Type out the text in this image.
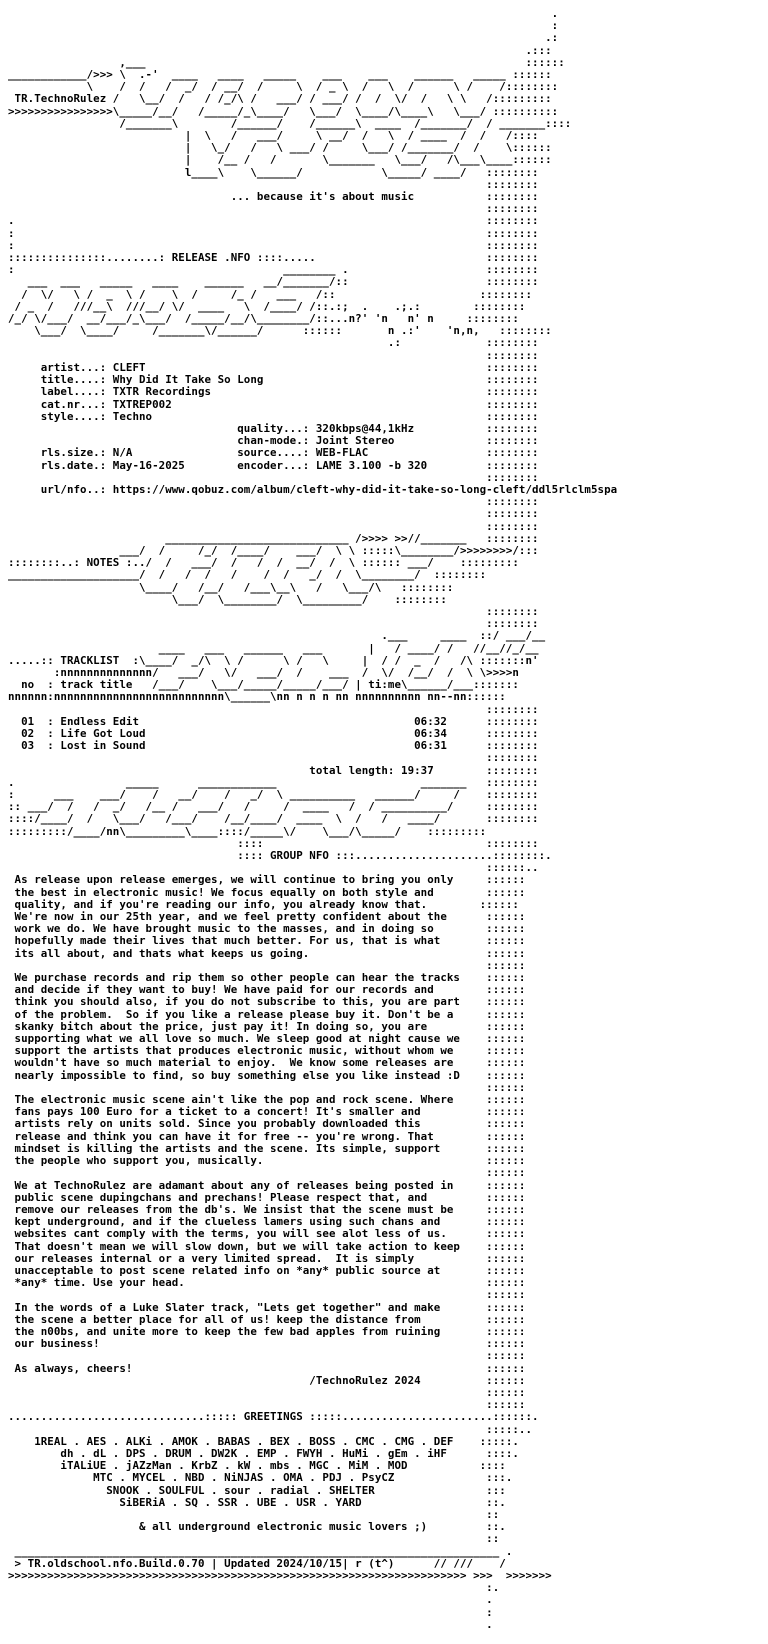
.
:
.:
.:::
,___                                                          ::::::
____________/>>> \  .-'  ____   ____   _____    ___    ___    ______   _____ ::::::
\    /  /   /  _/  / __/  /     \  / _ \  /   \  /      \ /    /::::::::
TR.TechnoRulez /   \__/  /   / /_/\ /   ___/ / ___/ /  /  \/  /   \ \   /:::::::::
>>>>>>>>>>>>>>>>\_____/__/   /_____/_\____/   \___/  \____/\____\   \___/ ::::::::::
/_______\        /______/    /______\  ____  /_______/  / _______::::
|  \   /   ___/     \ __/  /   \  / ____  /  /   /::::
|   \_/   /   \ ___/ /     \___/ /_______/  /    \::::::
|    /__ /   /       \_______   \___/   /\___\____::::::
l____\    \______/            \_____/ ____/   ::::::::
::::::::
... because it's about music           ::::::::
::::::::
.                                                                        ::::::::
:                                                                        ::::::::
:                                                                        ::::::::
:::::::::::::::........: RELEASE .NFO ::::.....                          ::::::::
:                                         ________ .                     ::::::::
___  ___   _____   ____    ______   __/_______/::                     ::::::::
/  \/   \ /  _  \ /    \  /     /_ /   ___   /::                      ::::::::
/ _  /   ///__\  ///__/ \/  ____   \  /____/ /::.:;  .    .;.:        ::::::::
/_/ \/___/  __/___/_\___/  /_____/__/\________/::...n?' 'n   n' n     ::::::::
\___/  \____/     /_______\/______/      ::::::       n .:'    'n,n,   ::::::::
.:             ::::::::
::::::::
artist...: CLEFT                                                    ::::::::
title....: Why Did It Take So Long                                  ::::::::
label....: TXTR Recordings                                          ::::::::
cat.nr...: TXTREP002                                                ::::::::
style....: Techno                                                   ::::::::
quality...: 320kbps@44,1kHz           ::::::::
chan-mode.: Joint Stereo              ::::::::
rls.size.: N/A                source....: WEB-FLAC                  ::::::::
rls.date.: May-16-2025        encoder...: LAME 3.100 -b 320         ::::::::
::::::::
url/nfo..: https://www.qobuz.com/album/cleft-why-did-it-take-so-long-cleft/ddl5rlclm5spa
::::::::
::::::::
::::::::
____________________________ />>>> >>//_______   ::::::::
___/  /     /_/  /____/    ___/  \ \ :::::\________/>>>>>>>>/:::
::::::::..: NOTES :../  /   ___/  /   /  /  __/  /  \ :::::: ___/    :::::::::
____________________/  /   /  /   /    /  /   _/  /  \________/  ::::::::
\____/   /__/   /___\__\   /   \___/\   ::::::::
\___/  \________/  \_________/    ::::::::
::::::::
::::::::
.___     ____  ::/ ___/__
____   ___   ______   ___       |   / ____/ /   //__//_/__
.....:: TRACKLIST  :\____/  _/\  \ /      \ /   \     |  / /  _  /   /\ :::::::n'
:nnnnnnnnnnnnnn/   ___/   \/   ___/  /    ___  /  \/  /__/  /  \ \>>>>n
no  : track title   /___/    \___/_____/_____/___/ | ti:me\______/___:::::::
nnnnnn:nnnnnnnnnnnnnnnnnnnnnnnnnn\______\nn n n n nn nnnnnnnnnn nn--nn::::::
::::::::
01  : Endless Edit                                          06:32      ::::::::
02  : Life Got Loud                                         06:34      ::::::::
03  : Lost in Sound                                         06:31      ::::::::
::::::::
total length: 19:37        ::::::::
.                 _____      ____________                      _______   ::::::::
:      ___    ___/    /   __/    /   _/  \ __________   ______/     /    ::::::::
:: ___/  /   /  _/   /__ /   ___/   /     /  ____   /  / __________/     ::::::::
::::/____/  /   \___/   /___/    /__/____/  ____  \  /   /   ____/       ::::::::
:::::::::/____/nn\_________\____::::/_____\/    \___/\_____/    :::::::::
::::                                  ::::::::
:::: GROUP NFO :::.....................::::::::.
::::::..
As release upon release emerges, we will continue to bring you only     ::::::
the best in electronic music! We focus equally on both style and        ::::::
quality, and if you're reading our info, you already know that.        ::::::
We're now in our 25th year, and we feel pretty confident about the      ::::::
work we do. We have brought music to the masses, and in doing so        ::::::
hopefully made their lives that much better. For us, that is what       ::::::
its all about, and thats what keeps us going.                           ::::::
::::::
We purchase records and rip them so other people can hear the tracks    ::::::
and decide if they want to buy! We have paid for our records and        ::::::
think you should also, if you do not subscribe to this, you are part    ::::::
of the problem.  So if you like a release please buy it. Don't be a     ::::::
skanky bitch about the price, just pay it! In doing so, you are         ::::::
supporting what we all love so much. We sleep good at night cause we    ::::::
support the artists that produces electronic music, without whom we     ::::::
wouldn't have so much material to enjoy.  We know some releases are     ::::::
nearly impossible to find, so buy something else you like instead :D    ::::::
::::::
The electronic music scene ain't like the pop and rock scene. Where     ::::::
fans pays 100 Euro for a ticket to a concert! It's smaller and          ::::::
artists rely on units sold. Since you probably downloaded this          ::::::
release and think you can have it for free -- you're wrong. That        ::::::
mindset is killing the artists and the scene. Its simple, support       ::::::
the people who support you, musically.                                  ::::::
::::::
We at TechnoRulez are adamant about any of releases being posted in     ::::::
public scene dupingchans and prechans! Please respect that, and         ::::::
remove our releases from the db's. We insist that the scene must be     ::::::
kept underground, and if the clueless lamers using such chans and       ::::::
websites cant comply with the terms, you will see alot less of us.      ::::::
That doesn't mean we will slow down, but we will take action to keep    ::::::
our releases internal or a very limited spread.  It is simply           ::::::
unacceptable to post scene related info on *any* public source at       ::::::
*any* time. Use your head.                                              ::::::
::::::
In the words of a Luke Slater track, "Lets get together" and make       ::::::
the scene a better place for all of us! keep the distance from          ::::::
the n00bs, and unite more to keep the few bad apples from ruining       ::::::
our business!                                                           ::::::
::::::
As always, cheers!                                                      ::::::
/TechnoRulez 2024          ::::::
::::::
::::::
..............................::::: GREETINGS :::::.......................::::::.
:::::..
1REAL . AES . ALKi . AMOK . BABAS . BEX . BOSS . CMC . CMG . DEF    :::::.
dh . dL . DPS . DRUM . DW2K . EMP . FWYH . HuMi . gEm . iHF      ::::.
iTALiUE . jAZzMan . KrbZ . kW . mbs . MGC . MiM . MOD           ::::
MTC . MYCEL . NBD . NiNJAS . OMA . PDJ . PsyCZ              :::.
SNOOK . SOULFUL . sour . radial . SHELTER                 :::
SiBERiA . SQ . SSR . UBE . USR . YARD                   ::.
::
& all underground electronic music lovers ;)         ::.
::
__________________________________________________________________________ .
> TR.oldschool.nfo.Build.0.70 | Updated 2024/10/15| r (t^)      // ///    /
>>>>>>>>>>>>>>>>>>>>>>>>>>>>>>>>>>>>>>>>>>>>>>>>>>>>>>>>>>>>>>>>>>>>>> >>>  >>>>>>>
:.
.
:
.
